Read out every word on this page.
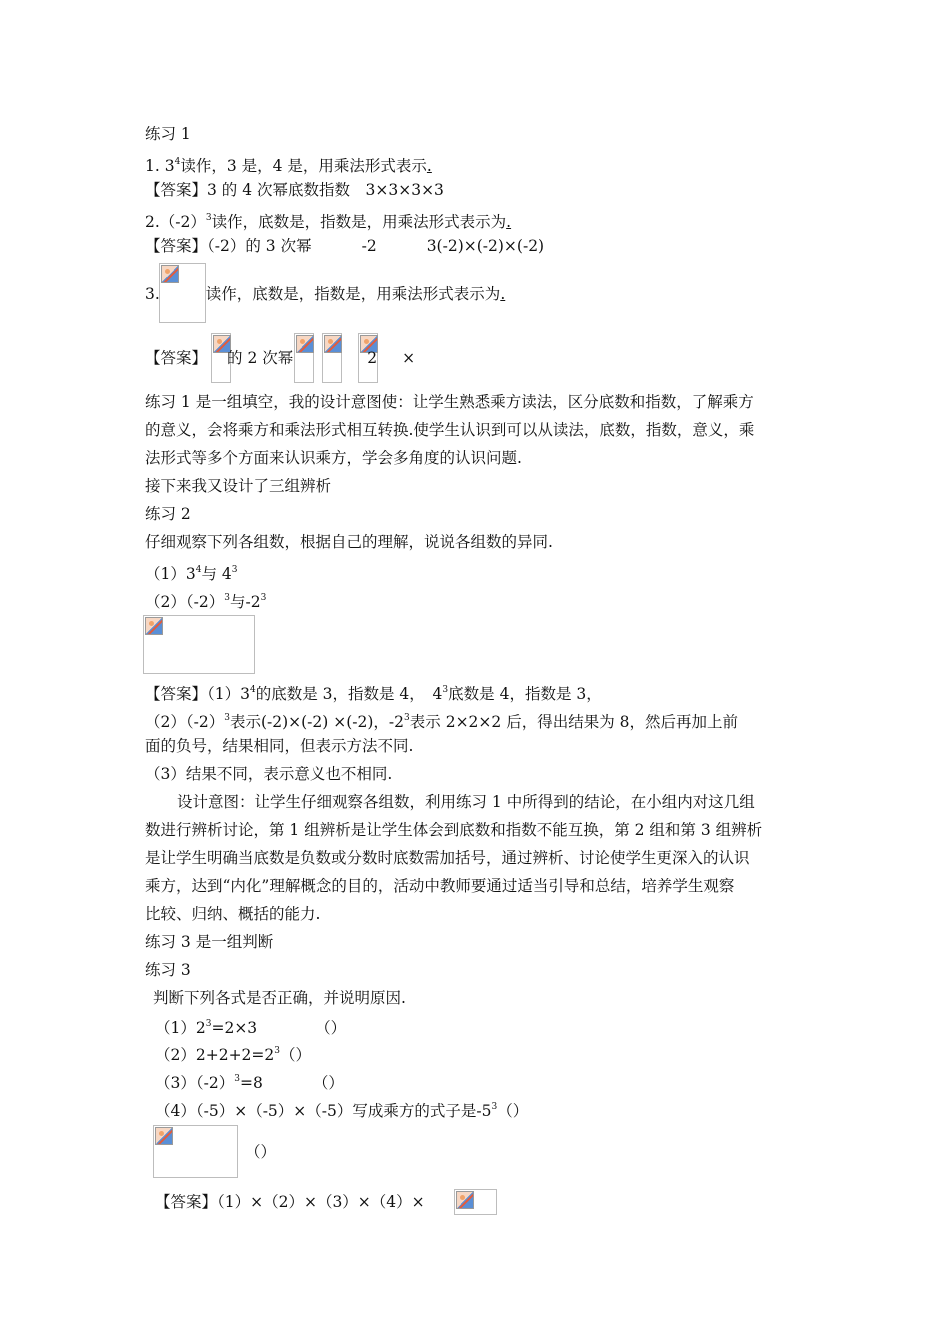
练习 1
1. $3^4$读作，3 是，4 是，用乘法形式表示.
【答案】3 的 4 次幂底数指数　3×3×3×3
$2.(-2)^3$读作，底数是，指数是，用乘法形式表示为.
【答案】（-2）的 3 次幂	-2	3(-2)×(-2)×(-2)
3.	读作，底数是，指数是，用乘法形式表示为.
【答案】 的 2 次幂	2 ×
练习 1 是一组填空，我的设计意图使：让学生熟悉乘方读法，区分底数和指数，了解乘方
的意义，会将乘方和乘法形式相互转换.使学生认识到可以从读法，底数，指数，意义，乘
法形式等多个方面来认识乘方，学会多角度的认识问题.
接下来我又设计了三组辨析
练习 2
仔细观察下列各组数，根据自己的理解，说说各组数的异同.
$(1)3^4$与 $4^3$
$(2)(-2)^3$与$-2^3$
【答案】$(1)3^4$的底数是 3，指数是 4，　$4^3$底数是 4，指数是 3，
$(2)(-2)^3$表示(-2)×(-2) ×(-2)，$-2^3$表示 2×2×2 后，得出结果为 8，然后再加上前
面的负号，结果相同，但表示方法不同.
（3）结果不同，表示意义也不相同.
设计意图：让学生仔细观察各组数，利用练习 1 中所得到的结论，在小组内对这几组
数进行辨析讨论，第 1 组辨析是让学生体会到底数和指数不能互换，第 2 组和第 3 组辨析
是让学生明确当底数是负数或分数时底数需加括号，通过辨析、讨论使学生更深入的认识
乘方，达到“内化”理解概念的目的，活动中教师要通过适当引导和总结，培养学生观察
比较、归纳、概括的能力.
练习 3 是一组判断
练习 3
判断下列各式是否正确，并说明原因.
$(1)2^3=2\times 3$	（）
$(2)2+2+2=2^3()$
$(3)(-2)^3=8$	（）
（4）（-5）×（-5）×（-5）写成乘方的式子是$-5^3()$
（）
【答案】（1）×（2）×（3）×（4）×
